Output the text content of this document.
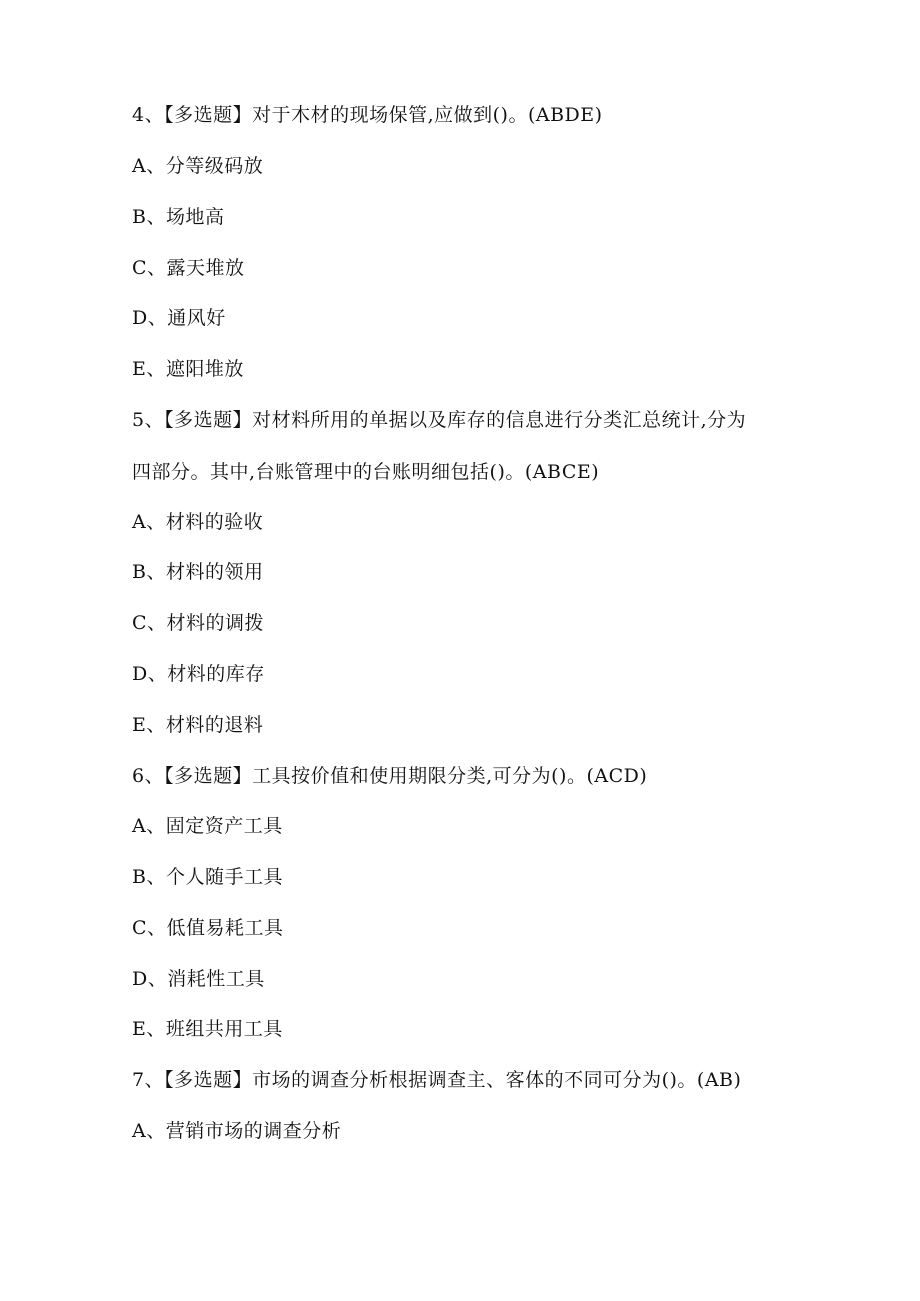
4、【多选题】对于木材的现场保管,应做到()。(ABDE)
A、分等级码放
B、场地高
C、露天堆放
D、通风好
E、遮阳堆放
5、【多选题】对材料所用的单据以及库存的信息进行分类汇总统计,分为
四部分。其中,台账管理中的台账明细包括()。(ABCE)
A、材料的验收
B、材料的领用
C、材料的调拨
D、材料的库存
E、材料的退料
6、【多选题】工具按价值和使用期限分类,可分为()。(ACD)
A、固定资产工具
B、个人随手工具
C、低值易耗工具
D、消耗性工具
E、班组共用工具
7、【多选题】市场的调查分析根据调查主、客体的不同可分为()。(AB)
A、营销市场的调查分析
